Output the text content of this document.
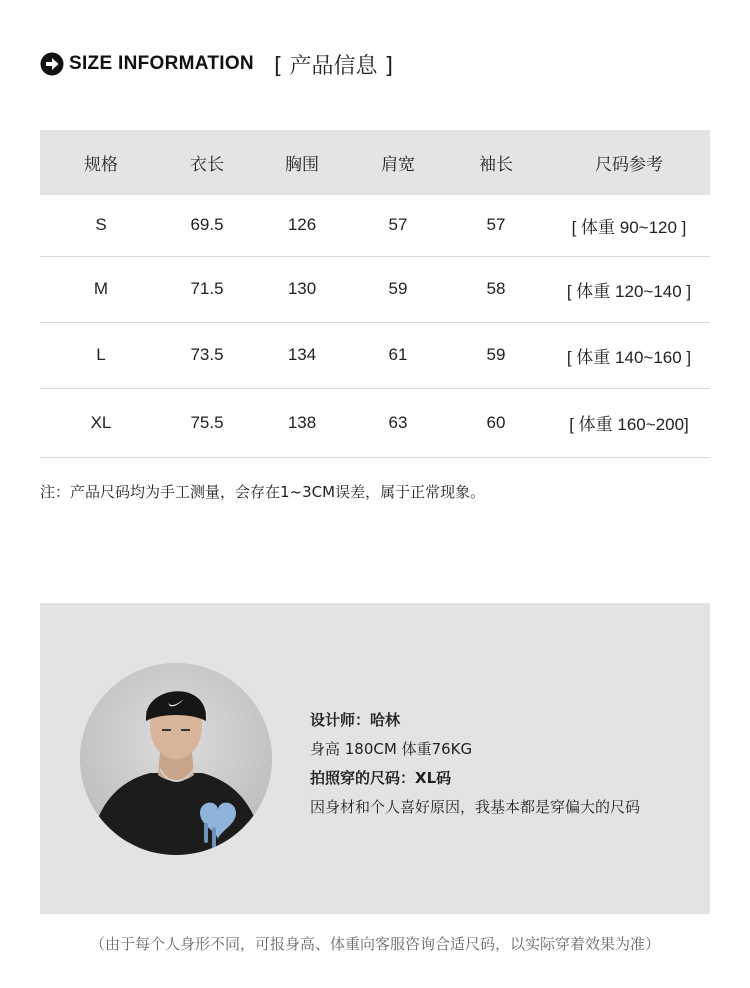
SIZE INFORMATION [ 产品信息 ]
规格	衣长	胸围	肩宽	袖长	尺码参考
S	69.5	126	57	57	[ 体重 90~120 ]
M	71.5	130	59	58	[ 体重 120~140 ]
L	73.5	134	61	59	[ 体重 140~160 ]
XL	75.5	138	63	60	[ 体重 160~200]
注：产品尺码均为手工测量，会存在1~3CM误差，属于正常现象。
设计师：哈林
身高 180CM 体重76KG
拍照穿的尺码：XL码
因身材和个人喜好原因，我基本都是穿偏大的尺码
（由于每个人身形不同，可报身高、体重向客服咨询合适尺码，以实际穿着效果为准）
